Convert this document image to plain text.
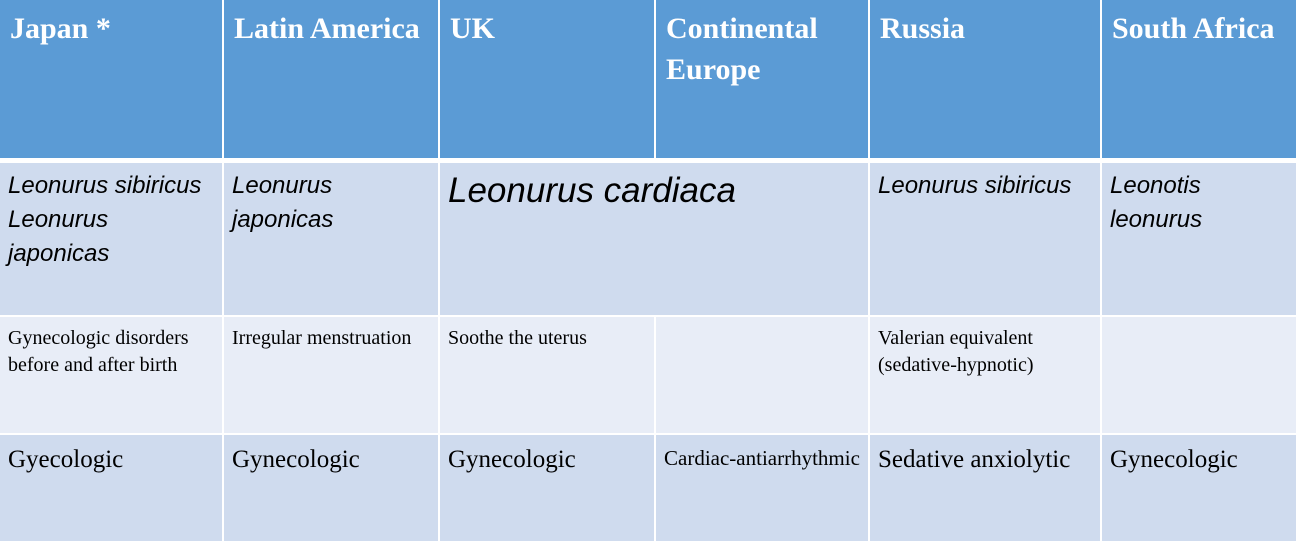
Japan *	Latin America	UK	Continental Europe	Russia	South Africa
Leonurus sibiricus Leonurus japonicas	Leonurus japonicas	Leonurus cardiaca		Leonurus sibiricus	Leonotis leonurus
Gynecologic disorders before and after birth	Irregular menstruation	Soothe the uterus		Valerian equivalent (sedative-hypnotic)	
Gyecologic	Gynecologic	Gynecologic	Cardiac-antiarrhythmic	Sedative anxiolytic	Gynecologic
